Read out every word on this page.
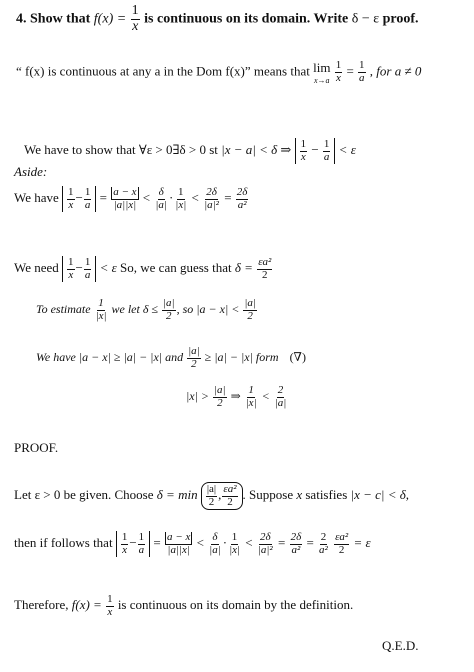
4. Show that $f(x) = \frac{1}{x}$ is continuous on its domain. Write δ − ε proof.
“ f(x) is continuous at any a in the Dom f(x)” means that lim
x→a
$\frac{1}{x} = \frac{1}{a}$ , for a ≠ 0
We have to show that ∀ε > 0∃δ > 0 st |x − a| < δ ⇒ $\frac{1}{x} - \frac{1}{a} < \varepsilon$
Aside:
We have $\frac{1}{x} - \frac{1}{a} = \frac{a - x}{|a||x|} < \frac{\delta}{|a|} \cdot \frac{1}{|x|} < \frac{2\delta}{\text{|a|²}} = \frac{2\delta}{\text{a²}}$
We need $\frac{1}{x} - \frac{1}{a} < \varepsilon$ So, we can guess that $\delta = \frac{\text{εa²}}{2}$
To estimate $\frac{1}{|x|}$ we let $\delta \le \frac{|a|}{2}$ , so $|a - x| < \frac{|a|}{2}$
We have |a − x| ≥ |a| − |x| and $\frac{|a|}{2} \ge |a| - |x|$ form (∇)
$|x| > \frac{|a|}{2}$ ⇒ $\frac{1}{|x|} < \frac{2}{|a|}$
PROOF.
Let ε > 0 be given. Choose $\delta = \min \frac{|a|}{2}$ , $\frac{\text{εa²}}{2}$ . Suppose x satisfies |x − c| < δ,
then if follows that $\frac{1}{x} - \frac{1}{a} = \frac{a - x}{|a||x|} < \frac{\delta}{|a|} \cdot \frac{1}{|x|} < \frac{2\delta}{\text{|a|²}} = \frac{2\delta}{\text{a²}} = \frac{2}{\text{a²}}$
$\frac{\text{εa²}}{2} = \varepsilon$
Therefore, $f(x) = \frac{1}{x}$ is continuous on its domain by the definition.
Q.E.D.
